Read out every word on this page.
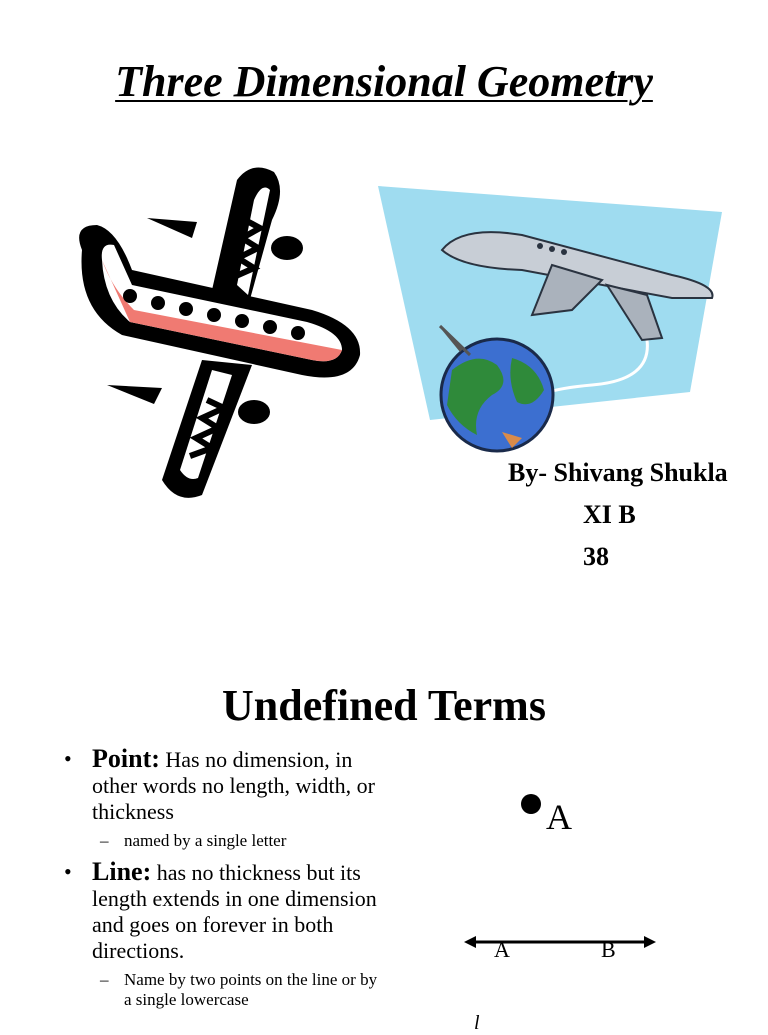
Three Dimensional Geometry
By- Shivang Shukla
XI B
38
Undefined Terms
• Point: Has no dimension, in other words no length, width, or thickness
– named by a single letter
• Line: has no thickness but its length extends in one dimension and goes on forever in both directions.
– Name by two points on the line or by a single lowercase
A
A	B
l
